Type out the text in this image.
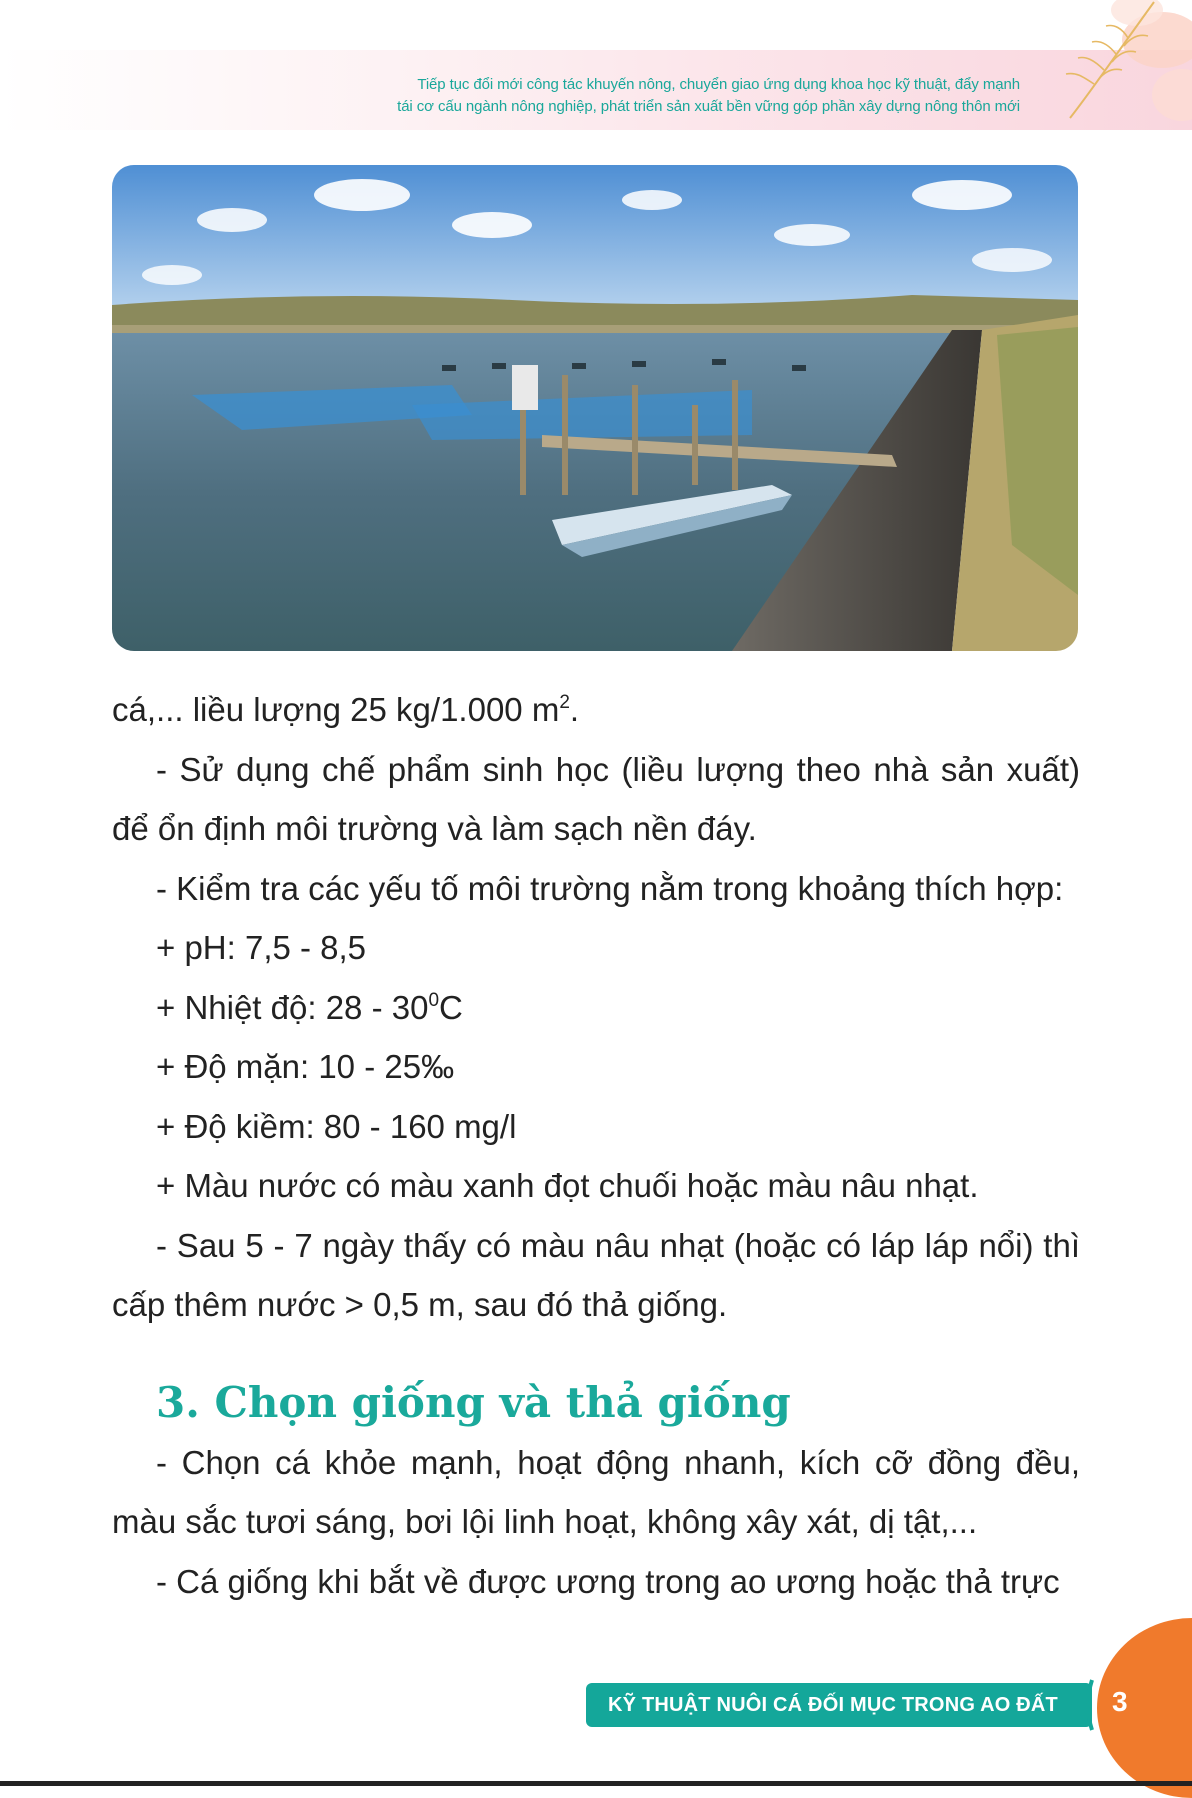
Tiếp tục đổi mới công tác khuyến nông, chuyển giao ứng dụng khoa học kỹ thuật, đẩy mạnh
tái cơ cấu ngành nông nghiệp, phát triển sản xuất bền vững góp phần xây dựng nông thôn mới

cá,... liều lượng 25 kg/1.000 $m^2$.

- Sử dụng chế phẩm sinh học (liều lượng theo nhà sản xuất) để ổn định môi trường và làm sạch nền đáy.

- Kiểm tra các yếu tố môi trường nằm trong khoảng thích hợp:

+ pH: 7,5 - 8,5

+ Nhiệt độ: $28 - 30^0C$

+ Độ mặn: 10 - 25‰

+ Độ kiềm: 80 - 160 mg/l

+ Màu nước có màu xanh đọt chuối hoặc màu nâu nhạt.

- Sau 5 - 7 ngày thấy có màu nâu nhạt (hoặc có láp láp nổi) thì cấp thêm nước > 0,5 m, sau đó thả giống.

3. Chọn giống và thả giống

- Chọn cá khỏe mạnh, hoạt động nhanh, kích cỡ đồng đều, màu sắc tươi sáng, bơi lội linh hoạt, không xây xát, dị tật,...

- Cá giống khi bắt về được ương trong ao ương hoặc thả trực

KỸ THUẬT NUÔI CÁ ĐỐI MỤC TRONG AO ĐẤT	3
